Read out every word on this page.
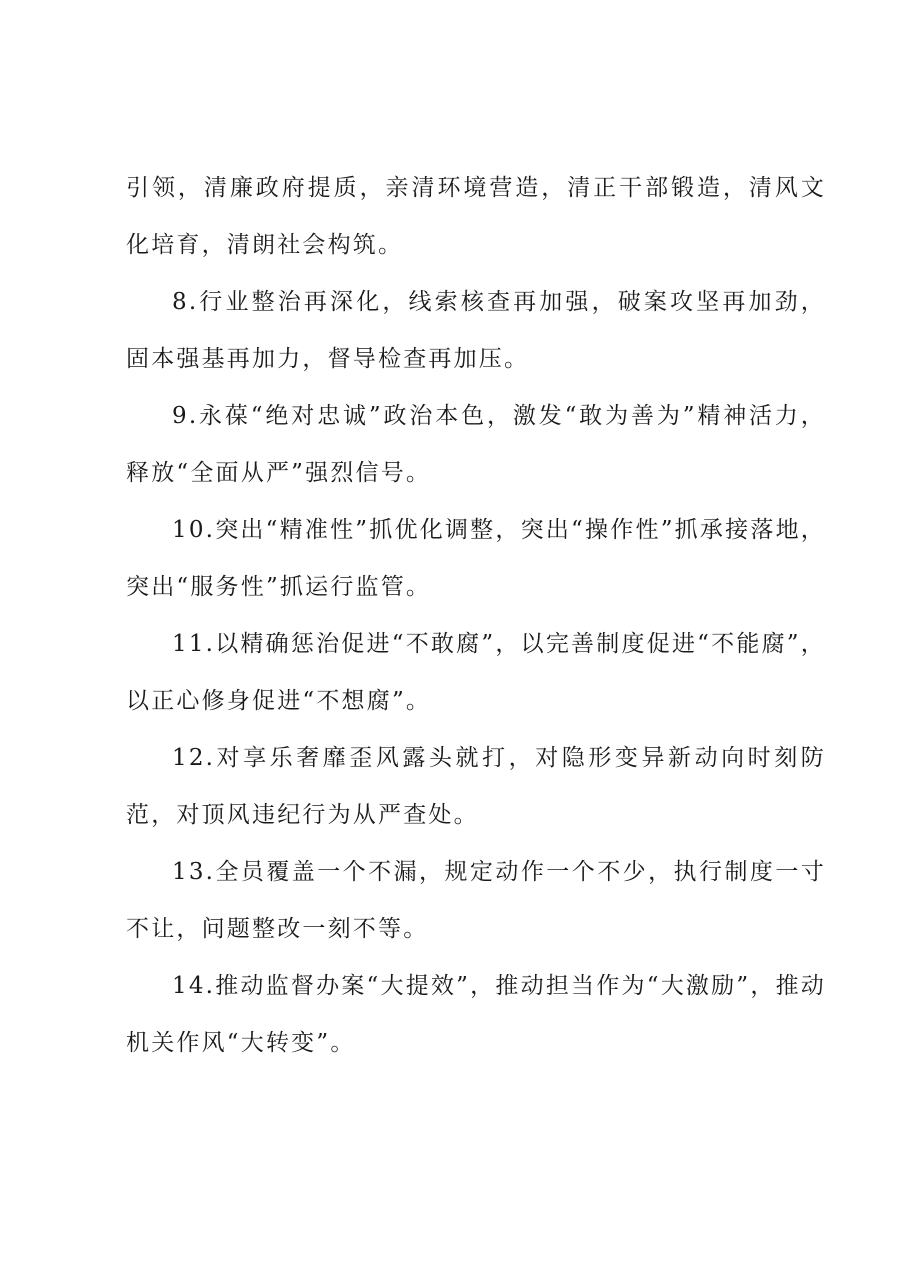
引领，清廉政府提质，亲清环境营造，清正干部锻造，清风文化培育，清朗社会构筑。

8.行业整治再深化，线索核查再加强，破案攻坚再加劲，固本强基再加力，督导检查再加压。

9.永葆“绝对忠诚”政治本色，激发“敢为善为”精神活力，释放“全面从严”强烈信号。

10.突出“精准性”抓优化调整，突出“操作性”抓承接落地，突出“服务性”抓运行监管。

11.以精确惩治促进“不敢腐”，以完善制度促进“不能腐”，以正心修身促进“不想腐”。

12.对享乐奢靡歪风露头就打，对隐形变异新动向时刻防范，对顶风违纪行为从严查处。

13.全员覆盖一个不漏，规定动作一个不少，执行制度一寸不让，问题整改一刻不等。

14.推动监督办案“大提效”，推动担当作为“大激励”，推动机关作风“大转变”。
